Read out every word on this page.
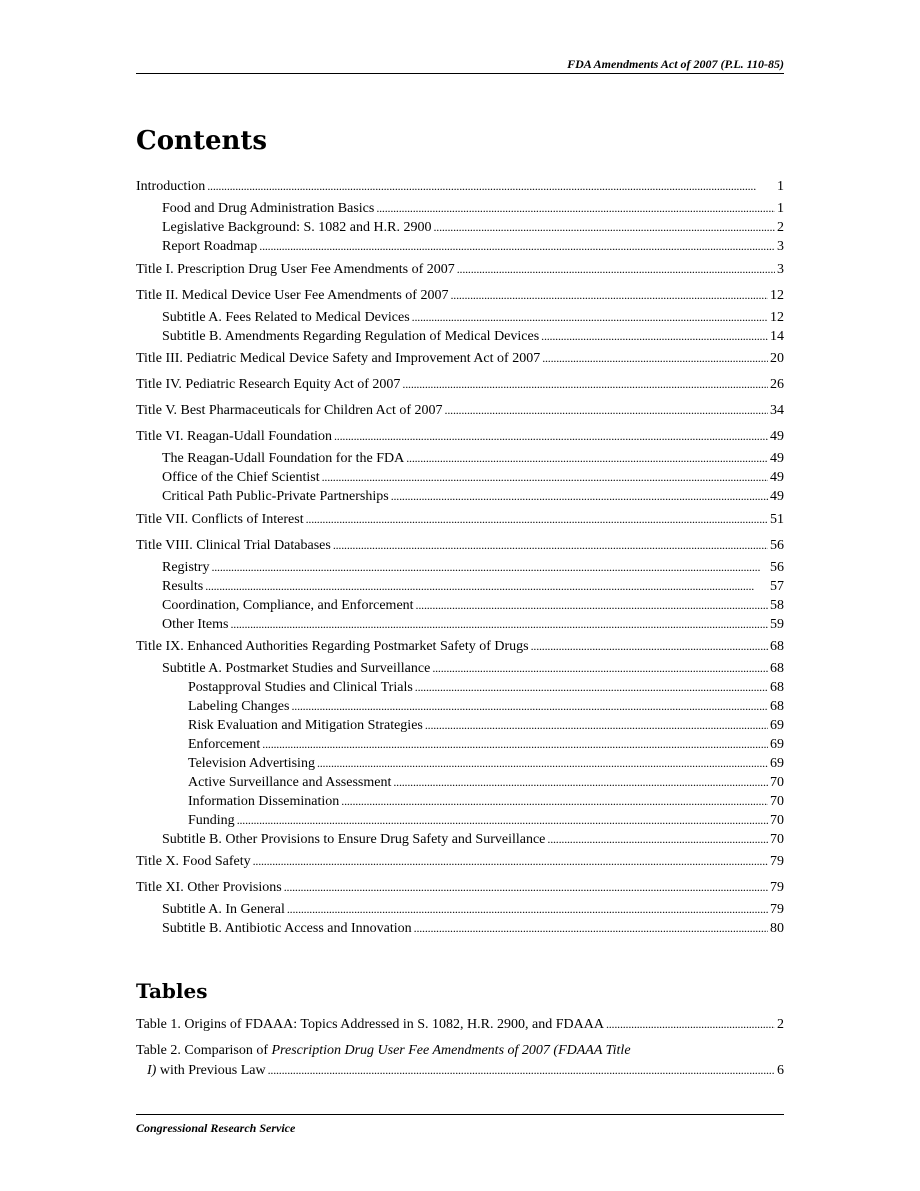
FDA Amendments Act of 2007 (P.L. 110-85)
Contents
Introduction . . .	1
Food and Drug Administration Basics . . .	1
Legislative Background: S. 1082 and H.R. 2900 . . .	2
Report Roadmap . . .	3
Title I. Prescription Drug User Fee Amendments of 2007 . . .	3
Title II. Medical Device User Fee Amendments of 2007 . . .	12
Subtitle A. Fees Related to Medical Devices . . .	12
Subtitle B. Amendments Regarding Regulation of Medical Devices . . .	14
Title III. Pediatric Medical Device Safety and Improvement Act of 2007 . . .	20
Title IV. Pediatric Research Equity Act of 2007 . . .	26
Title V. Best Pharmaceuticals for Children Act of 2007 . . .	34
Title VI. Reagan-Udall Foundation . . .	49
The Reagan-Udall Foundation for the FDA . . .	49
Office of the Chief Scientist . . .	49
Critical Path Public-Private Partnerships . . .	49
Title VII. Conflicts of Interest . . .	51
Title VIII. Clinical Trial Databases . . .	56
Registry . . .	56
Results . . .	57
Coordination, Compliance, and Enforcement . . .	58
Other Items . . .	59
Title IX. Enhanced Authorities Regarding Postmarket Safety of Drugs . . .	68
Subtitle A. Postmarket Studies and Surveillance . . .	68
Postapproval Studies and Clinical Trials . . .	68
Labeling Changes . . .	68
Risk Evaluation and Mitigation Strategies . . .	69
Enforcement . . .	69
Television Advertising . . .	69
Active Surveillance and Assessment . . .	70
Information Dissemination . . .	70
Funding . . .	70
Subtitle B. Other Provisions to Ensure Drug Safety and Surveillance . . .	70
Title X. Food Safety . . .	79
Title XI. Other Provisions . . .	79
Subtitle A. In General . . .	79
Subtitle B. Antibiotic Access and Innovation . . .	80
Tables
Table 1. Origins of FDAAA: Topics Addressed in S. 1082, H.R. 2900, and FDAAA . . .	2
Table 2. Comparison of Prescription Drug User Fee Amendments of 2007 (FDAAA Title
I) with Previous Law . . .	6
Congressional Research Service
